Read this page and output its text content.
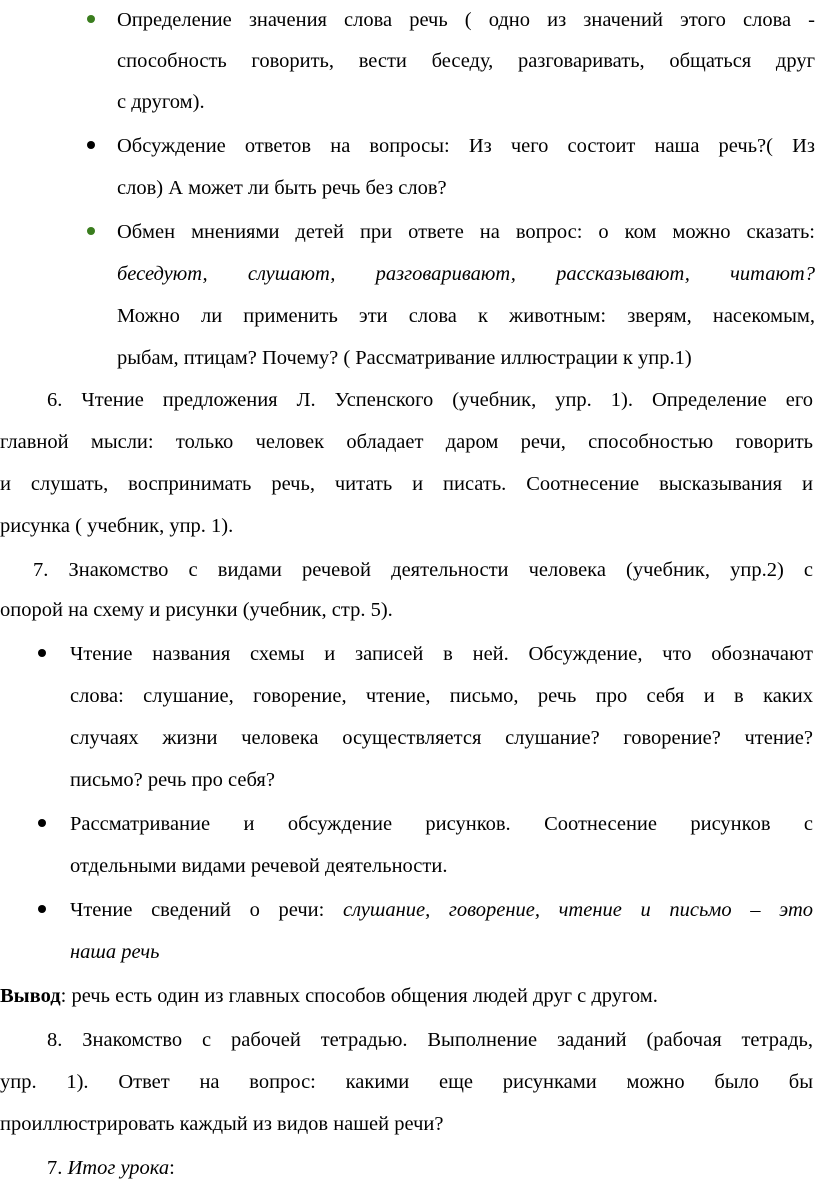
Определение значения слова речь ( одно из значений этого слова -
способность говорить, вести беседу, разговаривать, общаться друг
с другом).
Обсуждение ответов на вопросы: Из чего состоит наша речь?( Из
слов) А может ли быть речь без слов?
Обмен мнениями детей при ответе на вопрос: о ком можно сказать:
беседуют, слушают, разговаривают, рассказывают, читают?
Можно ли применить эти слова к животным: зверям, насекомым,
рыбам, птицам? Почему? ( Рассматривание иллюстрации к упр.1)
6. Чтение предложения Л. Успенского (учебник, упр. 1). Определение его
главной мысли: только человек обладает даром речи, способностью говорить
и слушать, воспринимать речь, читать и писать. Соотнесение высказывания и
рисунка ( учебник, упр. 1).
7. Знакомство с видами речевой деятельности человека (учебник, упр.2) с
опорой на схему и рисунки (учебник, стр. 5).
Чтение названия схемы и записей в ней. Обсуждение, что обозначают
слова: слушание, говорение, чтение, письмо, речь про себя и в каких
случаях жизни человека осуществляется слушание? говорение? чтение?
письмо? речь про себя?
Рассматривание и обсуждение рисунков. Соотнесение рисунков с
отдельными видами речевой деятельности.
Чтение сведений о речи: слушание, говорение, чтение и письмо – это
наша речь
Вывод: речь есть один из главных способов общения людей друг с другом.
8. Знакомство с рабочей тетрадью. Выполнение заданий (рабочая тетрадь,
упр. 1). Ответ на вопрос: какими еще рисунками можно было бы
проиллюстрировать каждый из видов нашей речи?
7. Итог урока:
